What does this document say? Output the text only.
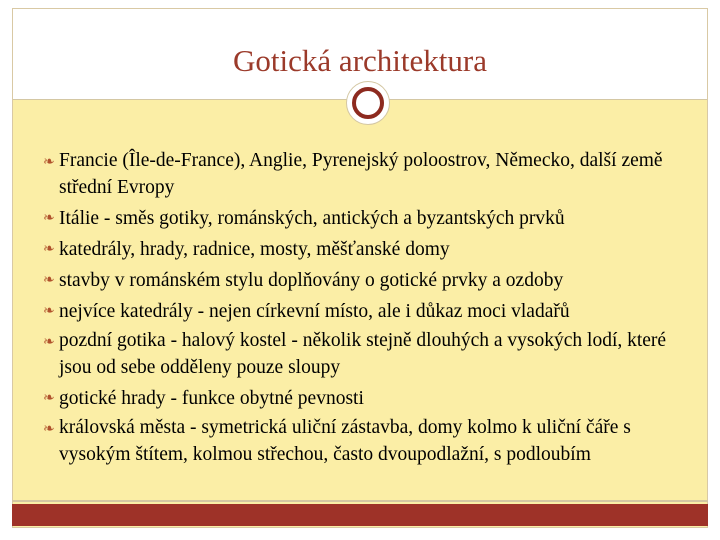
Gotická architektura
❧ Francie (Île-de-France), Anglie, Pyrenejský poloostrov, Německo, další země střední Evropy
❧ Itálie - směs gotiky, románských, antických a byzantských prvků
❧ katedrály, hrady, radnice, mosty, měšťanské domy
❧ stavby v románském stylu doplňovány o gotické prvky a ozdoby
❧ nejvíce katedrály - nejen církevní místo, ale i důkaz moci vladařů
❧ pozdní gotika - halový kostel - několik stejně dlouhých a vysokých lodí, které jsou od sebe odděleny pouze sloupy
❧ gotické hrady - funkce obytné pevnosti
❧ královská města - symetrická uliční zástavba, domy kolmo k uliční čáře s vysokým štítem, kolmou střechou, často dvoupodlažní, s podloubím
